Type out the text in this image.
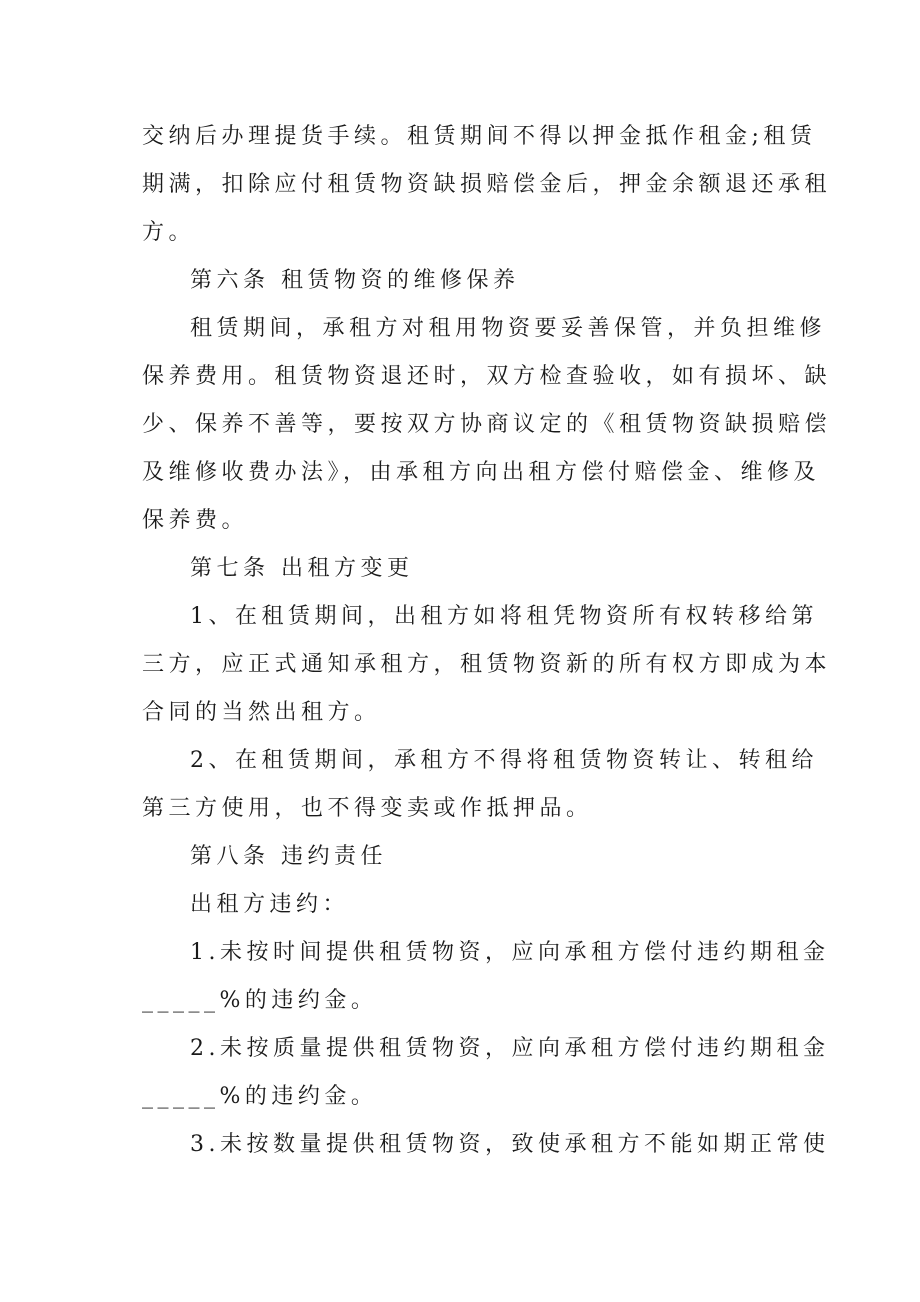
交纳后办理提货手续。租赁期间不得以押金抵作租金;租赁
期满，扣除应付租赁物资缺损赔偿金后，押金余额退还承租
方。
第六条 租赁物资的维修保养
租赁期间，承租方对租用物资要妥善保管，并负担维修
保养费用。租赁物资退还时，双方检查验收，如有损坏、缺
少、保养不善等，要按双方协商议定的《租赁物资缺损赔偿
及维修收费办法》，由承租方向出租方偿付赔偿金、维修及
保养费。
第七条 出租方变更
1、在租赁期间，出租方如将租凭物资所有权转移给第
三方，应正式通知承租方，租赁物资新的所有权方即成为本
合同的当然出租方。
2、在租赁期间，承租方不得将租赁物资转让、转租给
第三方使用，也不得变卖或作抵押品。
第八条 违约责任
出租方违约：
1.未按时间提供租赁物资，应向承租方偿付违约期租金
_____%的违约金。
2.未按质量提供租赁物资，应向承租方偿付违约期租金
_____%的违约金。
3.未按数量提供租赁物资，致使承租方不能如期正常使
